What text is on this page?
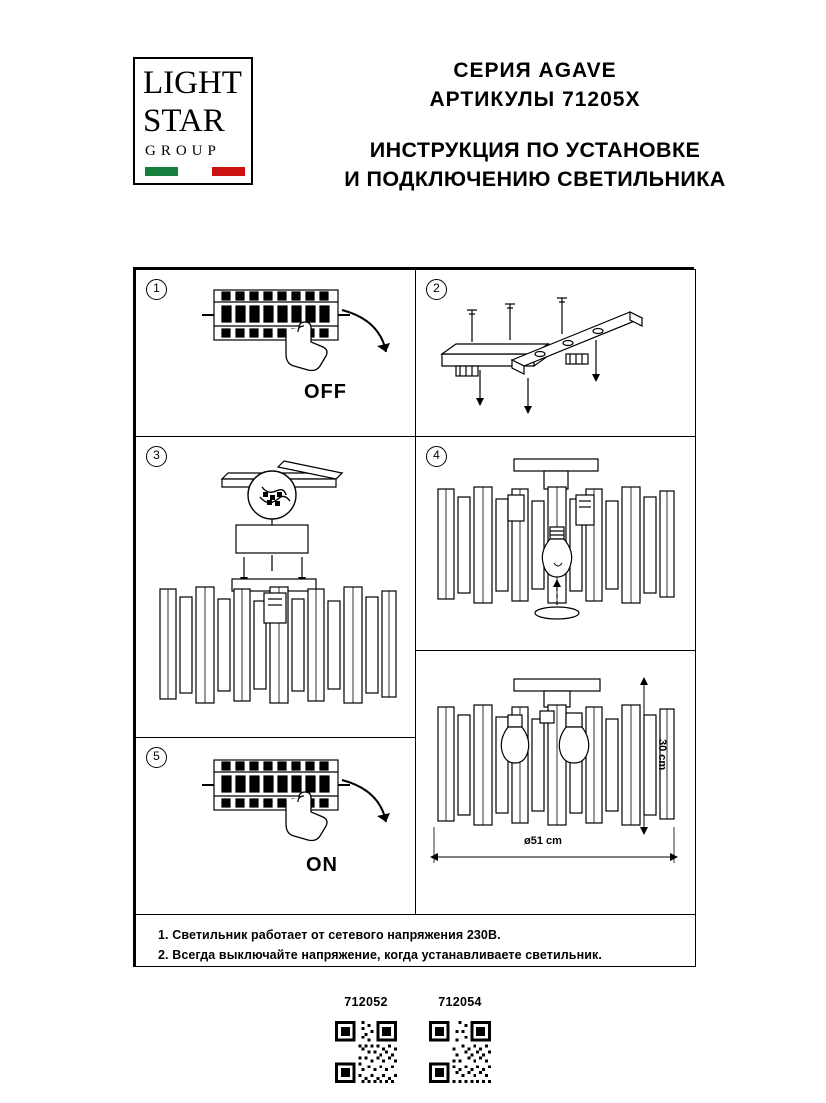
LIGHT
STAR
GROUP
СЕРИЯ AGAVE
АРТИКУЛЫ 71205X
ИНСТРУКЦИЯ ПО УСТАНОВКЕ
И ПОДКЛЮЧЕНИЮ СВЕТИЛЬНИКА
1
OFF
2
3	4
5
ON
30 cm
ø51 cm
1. Светильник работает от сетевого напряжения 230В.
2. Всегда выключайте напряжение, когда устанавливаете светильник.
712052	712054
